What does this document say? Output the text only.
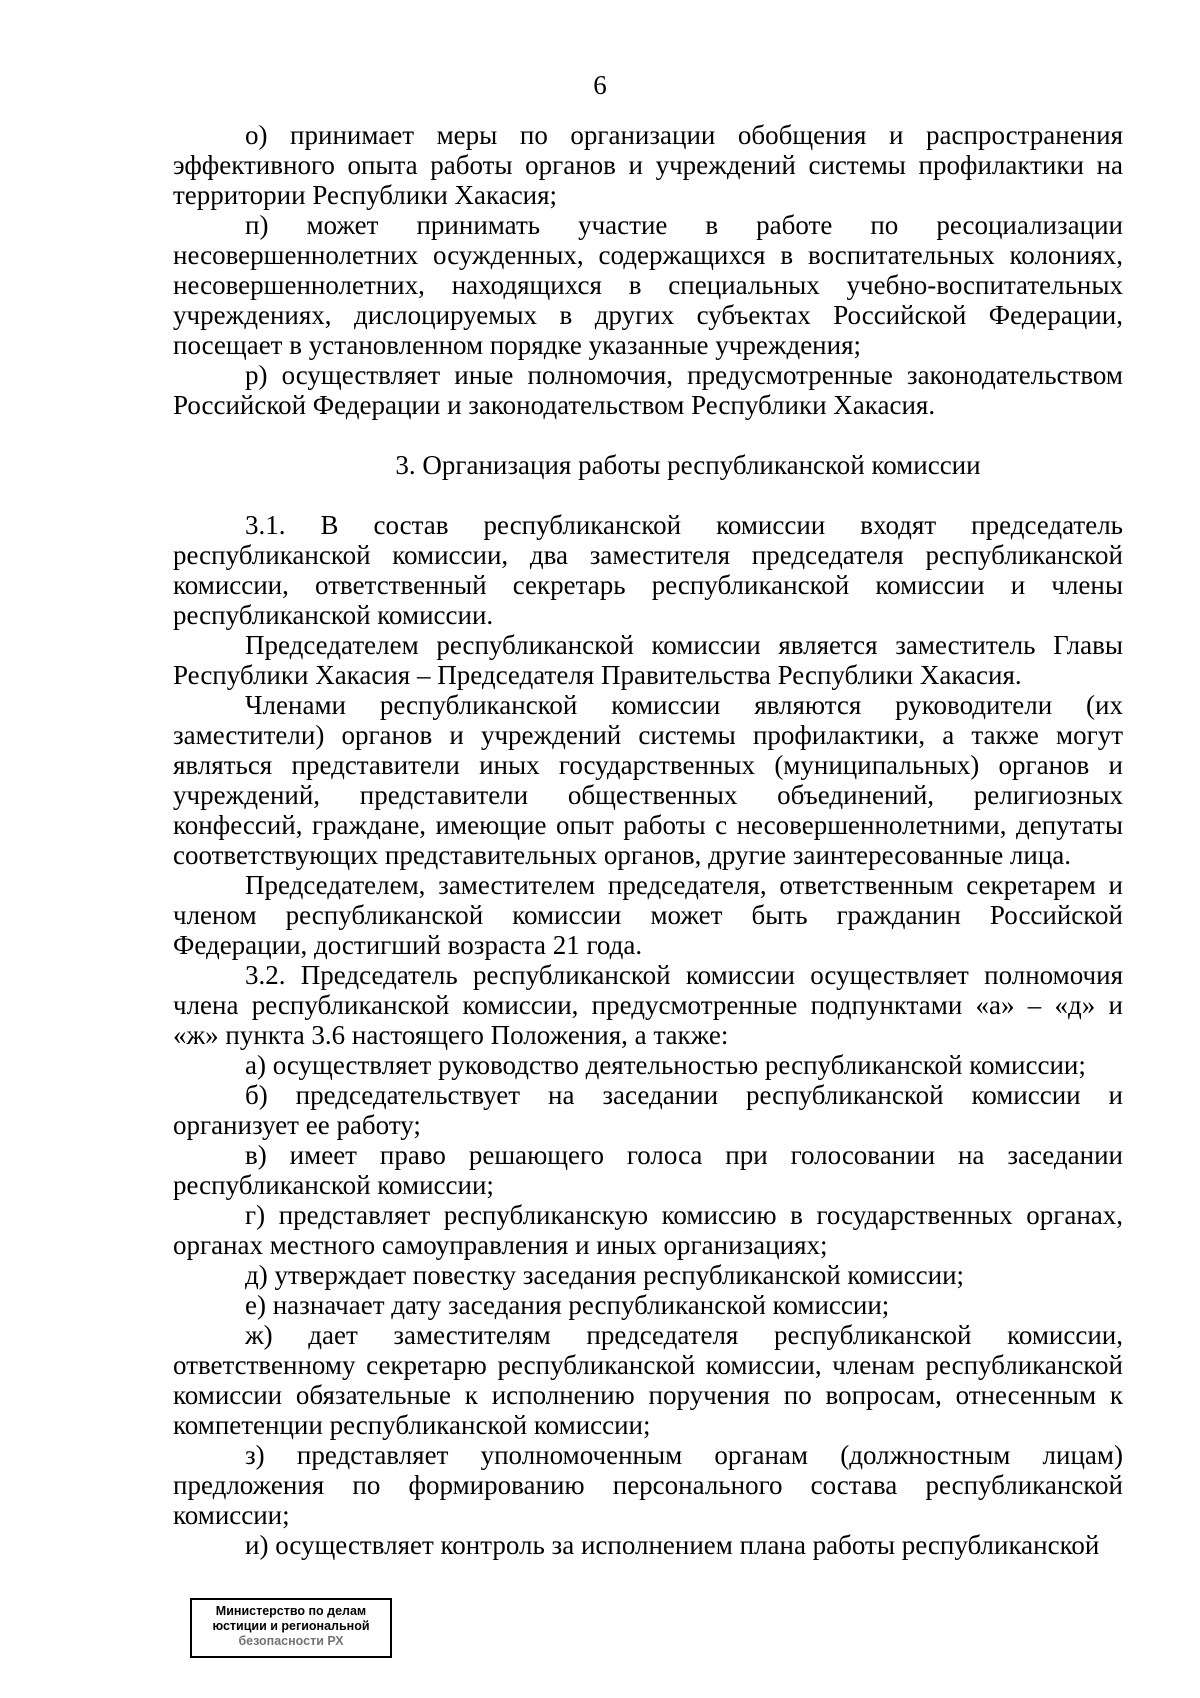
6

о) принимает меры по организации обобщения и распространения эффективного опыта работы органов и учреждений системы профилактики на территории Республики Хакасия;

п) может принимать участие в работе по ресоциализации несовершеннолетних осужденных, содержащихся в воспитательных колониях, несовершеннолетних, находящихся в специальных учебно-воспитательных учреждениях, дислоцируемых в других субъектах Российской Федерации, посещает в установленном порядке указанные учреждения;

р) осуществляет иные полномочия, предусмотренные законодательством Российской Федерации и законодательством Республики Хакасия.

3. Организация работы республиканской комиссии

3.1. В состав республиканской комиссии входят председатель республиканской комиссии, два заместителя председателя республиканской комиссии, ответственный секретарь республиканской комиссии и члены республиканской комиссии.

Председателем республиканской комиссии является заместитель Главы Республики Хакасия – Председателя Правительства Республики Хакасия.

Членами республиканской комиссии являются руководители (их заместители) органов и учреждений системы профилактики, а также могут являться представители иных государственных (муниципальных) органов и учреждений, представители общественных объединений, религиозных конфессий, граждане, имеющие опыт работы с несовершеннолетними, депутаты соответствующих представительных органов, другие заинтересованные лица.

Председателем, заместителем председателя, ответственным секретарем и членом республиканской комиссии может быть гражданин Российской Федерации, достигший возраста 21 года.

3.2. Председатель республиканской комиссии осуществляет полномочия члена республиканской комиссии, предусмотренные подпунктами «а» – «д» и «ж» пункта 3.6 настоящего Положения, а также:

а) осуществляет руководство деятельностью республиканской комиссии;

б) председательствует на заседании республиканской комиссии и организует ее работу;

в) имеет право решающего голоса при голосовании на заседании республиканской комиссии;

г) представляет республиканскую комиссию в государственных органах, органах местного самоуправления и иных организациях;

д) утверждает повестку заседания республиканской комиссии;

е) назначает дату заседания республиканской комиссии;

ж) дает заместителям председателя республиканской комиссии, ответственному секретарю республиканской комиссии, членам республиканской комиссии обязательные к исполнению поручения по вопросам, отнесенным к компетенции республиканской комиссии;

з) представляет уполномоченным органам (должностным лицам) предложения по формированию персонального состава республиканской комиссии;

и) осуществляет контроль за исполнением плана работы республиканской

Министерство по делам
юстиции и региональной
безопасности РХ
